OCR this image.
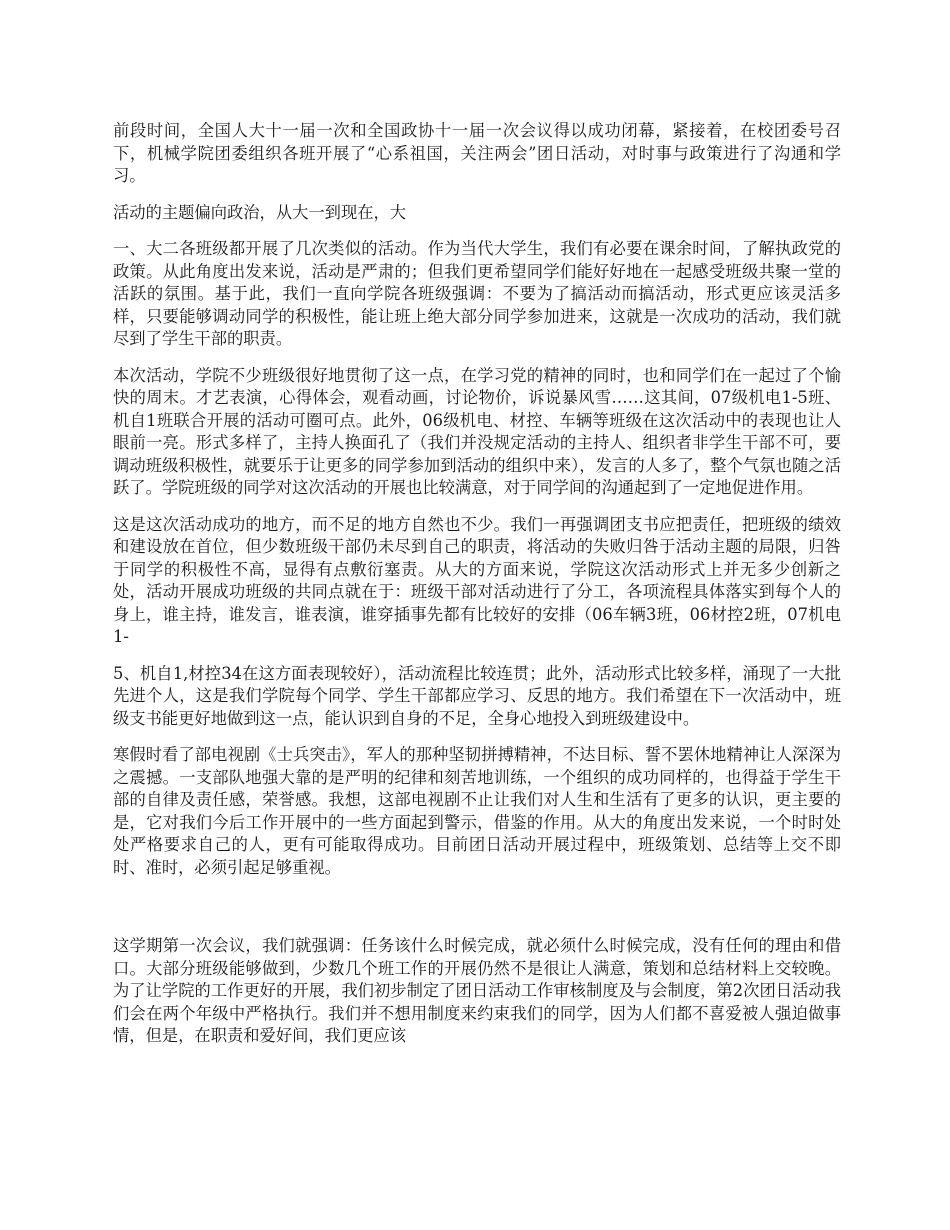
前段时间，全国人大十一届一次和全国政协十一届一次会议得以成功闭幕，紧接着，在校团委号召下，机械学院团委组织各班开展了“心系祖国，关注两会”团日活动，对时事与政策进行了沟通和学习。

活动的主题偏向政治，从大一到现在，大

一、大二各班级都开展了几次类似的活动。作为当代大学生，我们有必要在课余时间，了解执政党的政策。从此角度出发来说，活动是严肃的；但我们更希望同学们能好好地在一起感受班级共聚一堂的活跃的氛围。基于此，我们一直向学院各班级强调：不要为了搞活动而搞活动，形式更应该灵活多样，只要能够调动同学的积极性，能让班上绝大部分同学参加进来，这就是一次成功的活动，我们就尽到了学生干部的职责。

本次活动，学院不少班级很好地贯彻了这一点，在学习党的精神的同时，也和同学们在一起过了个愉快的周末。才艺表演，心得体会，观看动画，讨论物价，诉说暴风雪……这其间，07级机电1-5班、机自1班联合开展的活动可圈可点。此外，06级机电、材控、车辆等班级在这次活动中的表现也让人眼前一亮。形式多样了，主持人换面孔了（我们并没规定活动的主持人、组织者非学生干部不可，要调动班级积极性，就要乐于让更多的同学参加到活动的组织中来），发言的人多了，整个气氛也随之活跃了。学院班级的同学对这次活动的开展也比较满意，对于同学间的沟通起到了一定地促进作用。

这是这次活动成功的地方，而不足的地方自然也不少。我们一再强调团支书应把责任，把班级的绩效和建设放在首位，但少数班级干部仍未尽到自己的职责，将活动的失败归咎于活动主题的局限，归咎于同学的积极性不高，显得有点敷衍塞责。从大的方面来说，学院这次活动形式上并无多少创新之处，活动开展成功班级的共同点就在于：班级干部对活动进行了分工，各项流程具体落实到每个人的身上，谁主持，谁发言，谁表演，谁穿插事先都有比较好的安排（06车辆3班，06材控2班，07机电1-

5、机自1,材控34在这方面表现较好），活动流程比较连贯；此外，活动形式比较多样，涌现了一大批先进个人，这是我们学院每个同学、学生干部都应学习、反思的地方。我们希望在下一次活动中，班级支书能更好地做到这一点，能认识到自身的不足，全身心地投入到班级建设中。

寒假时看了部电视剧《士兵突击》，军人的那种坚韧拼搏精神，不达目标、誓不罢休地精神让人深深为之震撼。一支部队地强大靠的是严明的纪律和刻苦地训练，一个组织的成功同样的，也得益于学生干部的自律及责任感，荣誉感。我想，这部电视剧不止让我们对人生和生活有了更多的认识，更主要的是，它对我们今后工作开展中的一些方面起到警示，借鉴的作用。从大的角度出发来说，一个时时处处严格要求自己的人，更有可能取得成功。目前团日活动开展过程中，班级策划、总结等上交不即时、准时，必须引起足够重视。

这学期第一次会议，我们就强调：任务该什么时候完成，就必须什么时候完成，没有任何的理由和借口。大部分班级能够做到，少数几个班工作的开展仍然不是很让人满意，策划和总结材料上交较晚。为了让学院的工作更好的开展，我们初步制定了团日活动工作审核制度及与会制度，第2次团日活动我们会在两个年级中严格执行。我们并不想用制度来约束我们的同学，因为人们都不喜爱被人强迫做事情，但是，在职责和爱好间，我们更应该
